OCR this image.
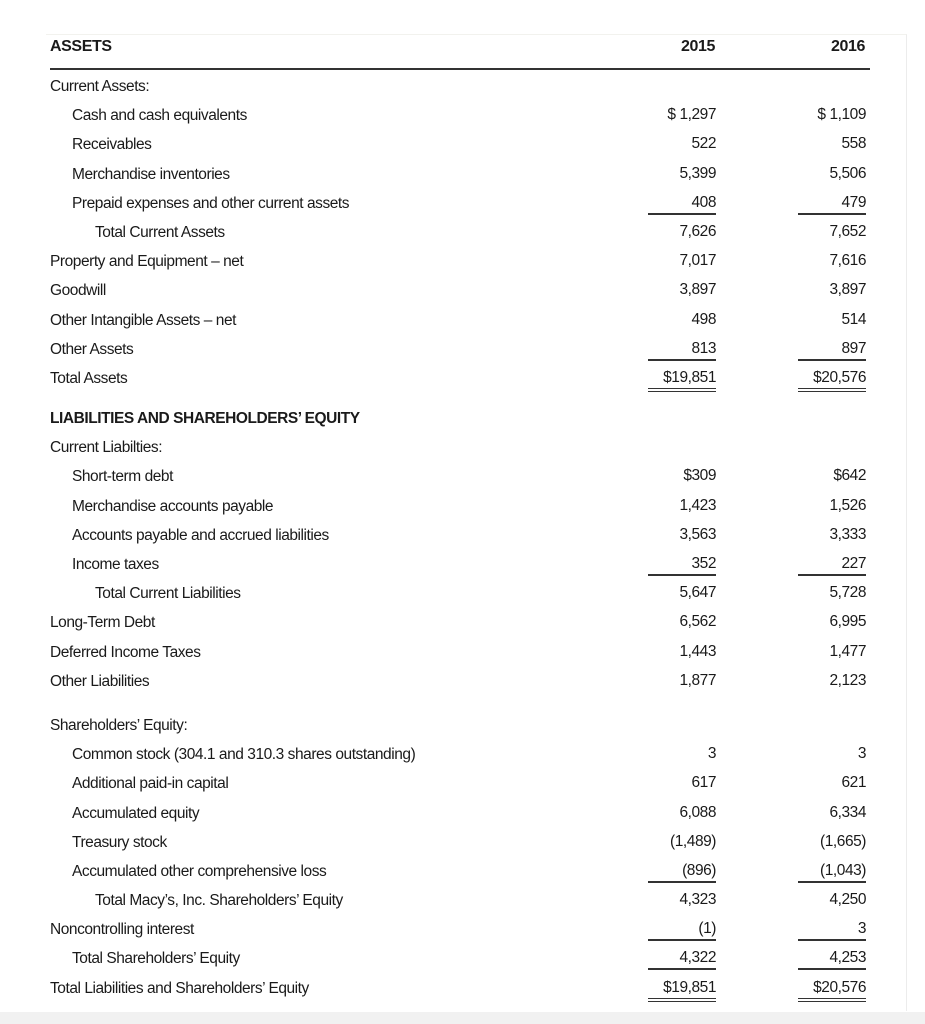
ASSETS	2015	2016
Current Assets:
Cash and cash equivalents	$ 1,297	$ 1,109
Receivables	522	558
Merchandise inventories	5,399	5,506
Prepaid expenses and other current assets	408	479
Total Current Assets	7,626	7,652
Property and Equipment – net	7,017	7,616
Goodwill	3,897	3,897
Other Intangible Assets – net	498	514
Other Assets	813	897
Total Assets	$19,851	$20,576
LIABILITIES AND SHAREHOLDERS’ EQUITY
Current Liabilties:
Short-term debt	$309	$642
Merchandise accounts payable	1,423	1,526
Accounts payable and accrued liabilities	3,563	3,333
Income taxes	352	227
Total Current Liabilities	5,647	5,728
Long-Term Debt	6,562	6,995
Deferred Income Taxes	1,443	1,477
Other Liabilities	1,877	2,123
Shareholders’ Equity:
Common stock (304.1 and 310.3 shares outstanding)	3	3
Additional paid-in capital	617	621
Accumulated equity	6,088	6,334
Treasury stock	(1,489)	(1,665)
Accumulated other comprehensive loss	(896)	(1,043)
Total Macy’s, Inc. Shareholders’ Equity	4,323	4,250
Noncontrolling interest	(1)	3
Total Shareholders’ Equity	4,322	4,253
Total Liabilities and Shareholders’ Equity	$19,851	$20,576
